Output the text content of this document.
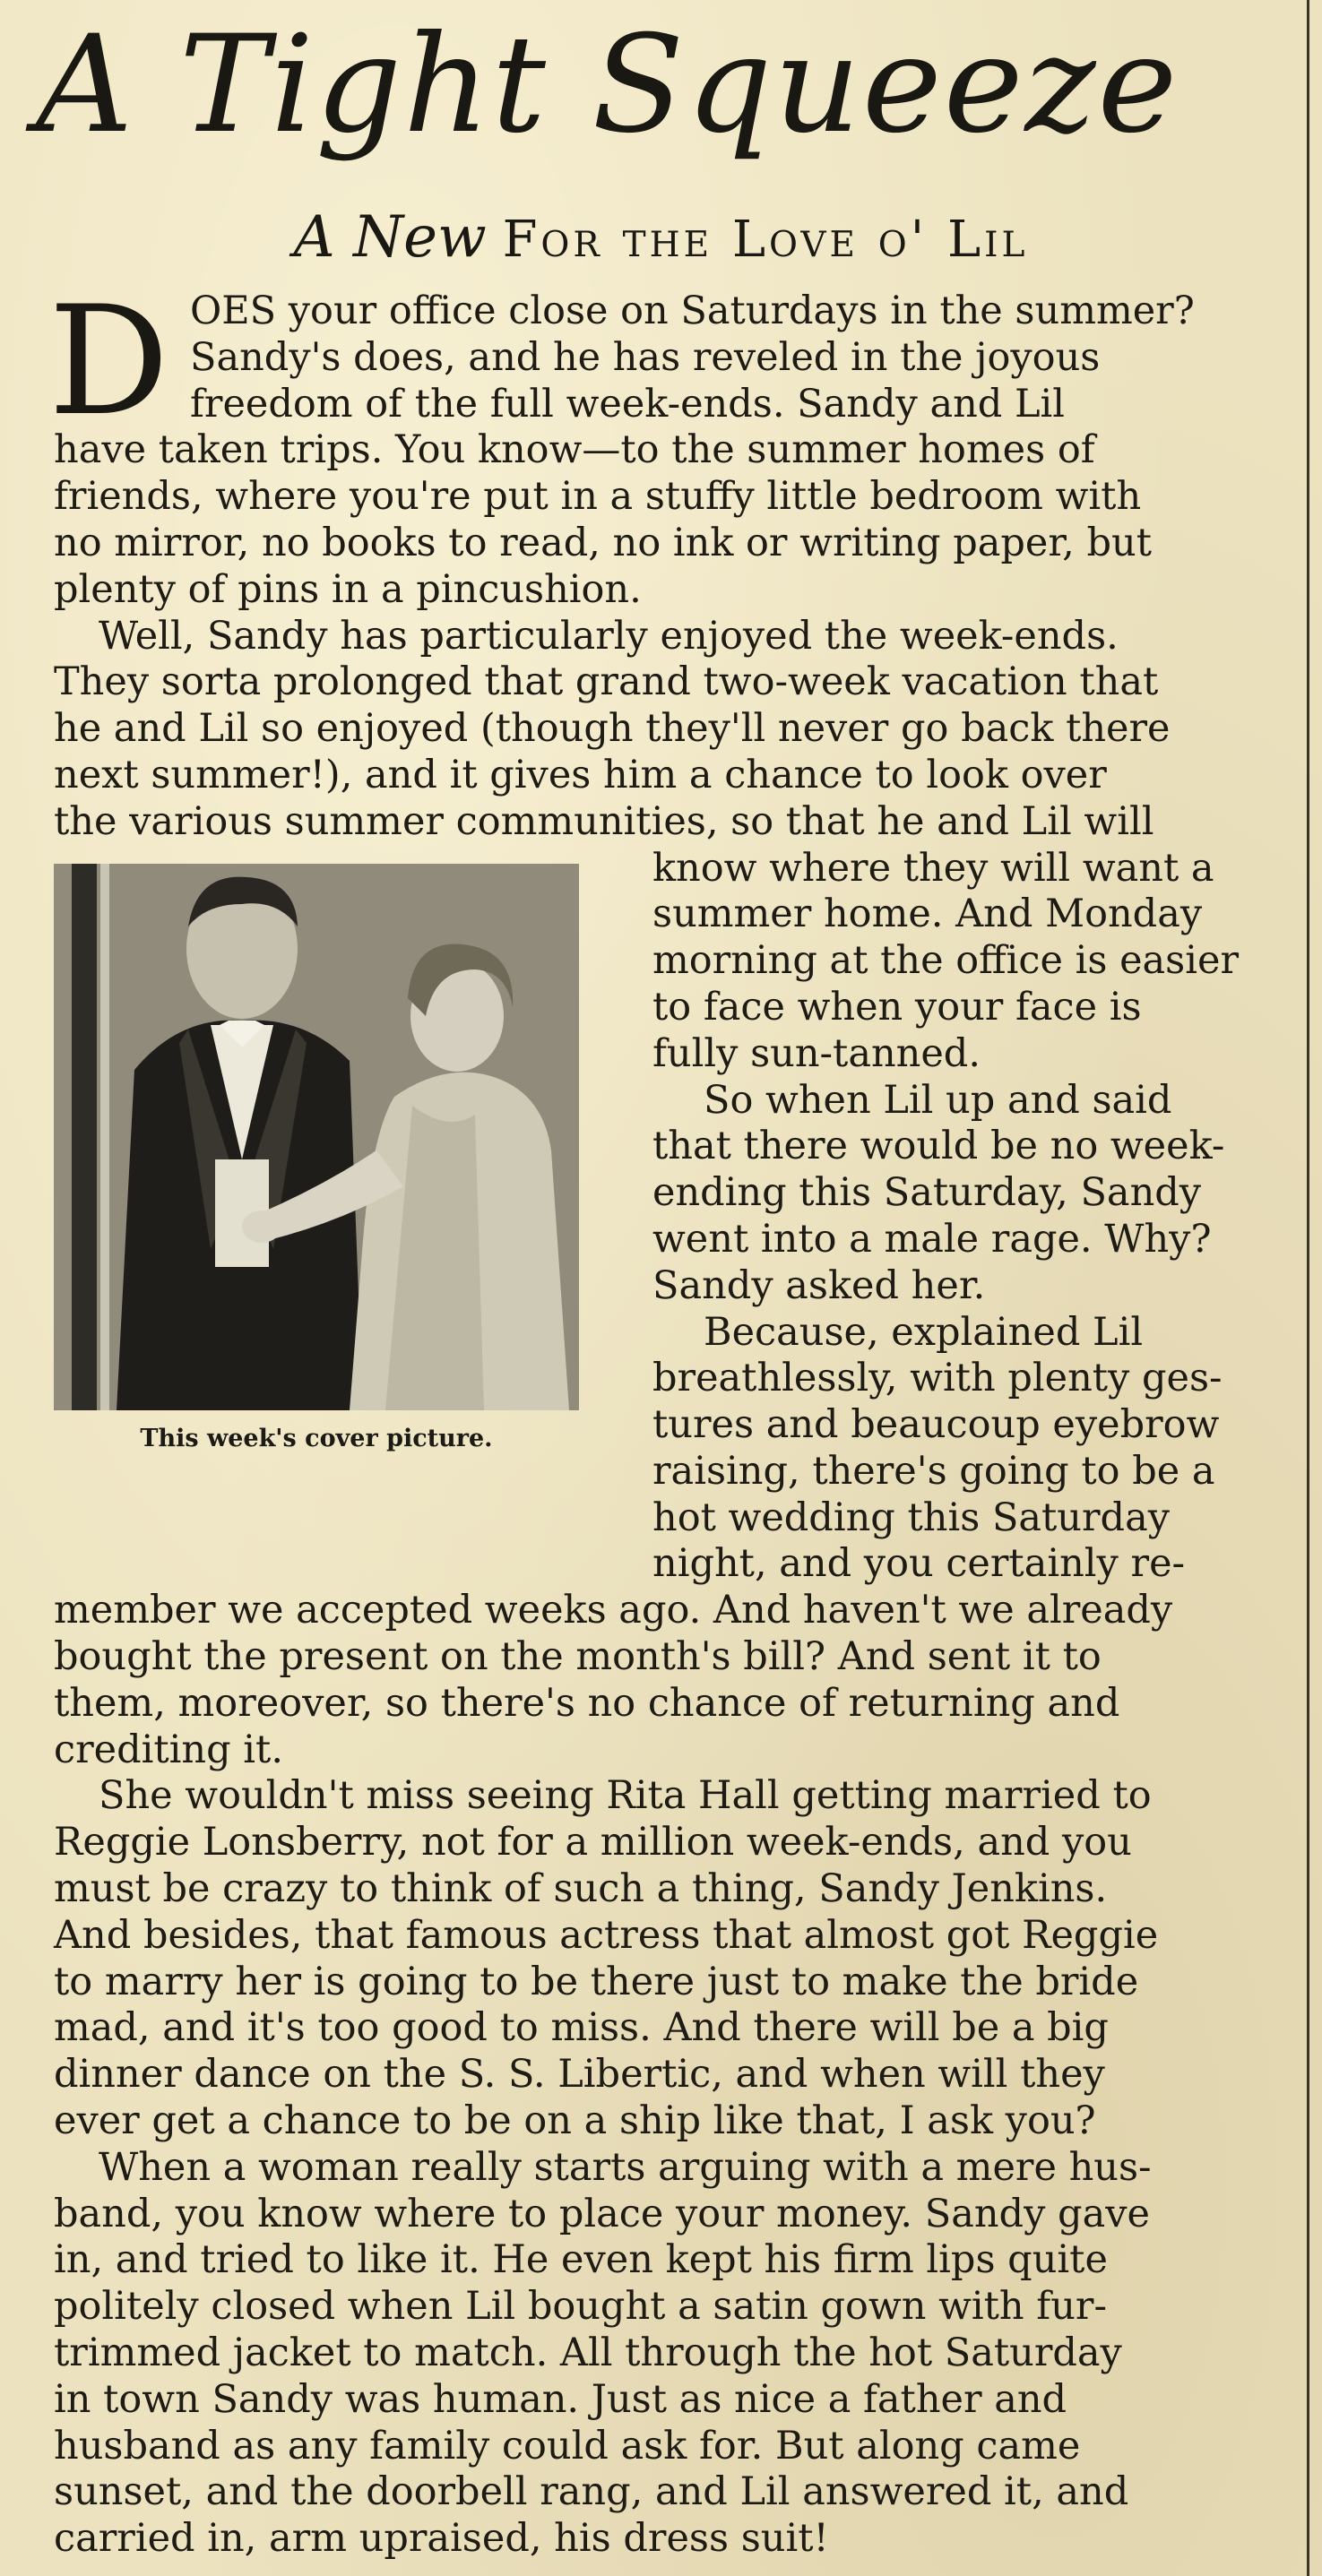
A Tight Squeeze
A New For the Love o' Lil
D
This week's cover picture.
OES your office close on Saturdays in the summer?
Sandy's does, and he has reveled in the joyous
freedom of the full week-ends. Sandy and Lil
have taken trips. You know—to the summer homes of
friends, where you're put in a stuffy little bedroom with
no mirror, no books to read, no ink or writing paper, but
plenty of pins in a pincushion.
Well, Sandy has particularly enjoyed the week-ends.
They sorta prolonged that grand two-week vacation that
he and Lil so enjoyed (though they'll never go back there
next summer!), and it gives him a chance to look over
the various summer communities, so that he and Lil will
know where they will want a
summer home. And Monday
morning at the office is easier
to face when your face is
fully sun-tanned.
So when Lil up and said
that there would be no week-
ending this Saturday, Sandy
went into a male rage. Why?
Sandy asked her.
Because, explained Lil
breathlessly, with plenty ges-
tures and beaucoup eyebrow
raising, there's going to be a
hot wedding this Saturday
night, and you certainly re-
member we accepted weeks ago. And haven't we already
bought the present on the month's bill? And sent it to
them, moreover, so there's no chance of returning and
crediting it.
She wouldn't miss seeing Rita Hall getting married to
Reggie Lonsberry, not for a million week-ends, and you
must be crazy to think of such a thing, Sandy Jenkins.
And besides, that famous actress that almost got Reggie
to marry her is going to be there just to make the bride
mad, and it's too good to miss. And there will be a big
dinner dance on the S. S. Libertic, and when will they
ever get a chance to be on a ship like that, I ask you?
When a woman really starts arguing with a mere hus-
band, you know where to place your money. Sandy gave
in, and tried to like it. He even kept his firm lips quite
politely closed when Lil bought a satin gown with fur-
trimmed jacket to match. All through the hot Saturday
in town Sandy was human. Just as nice a father and
husband as any family could ask for. But along came
sunset, and the doorbell rang, and Lil answered it, and
carried in, arm upraised, his dress suit!
